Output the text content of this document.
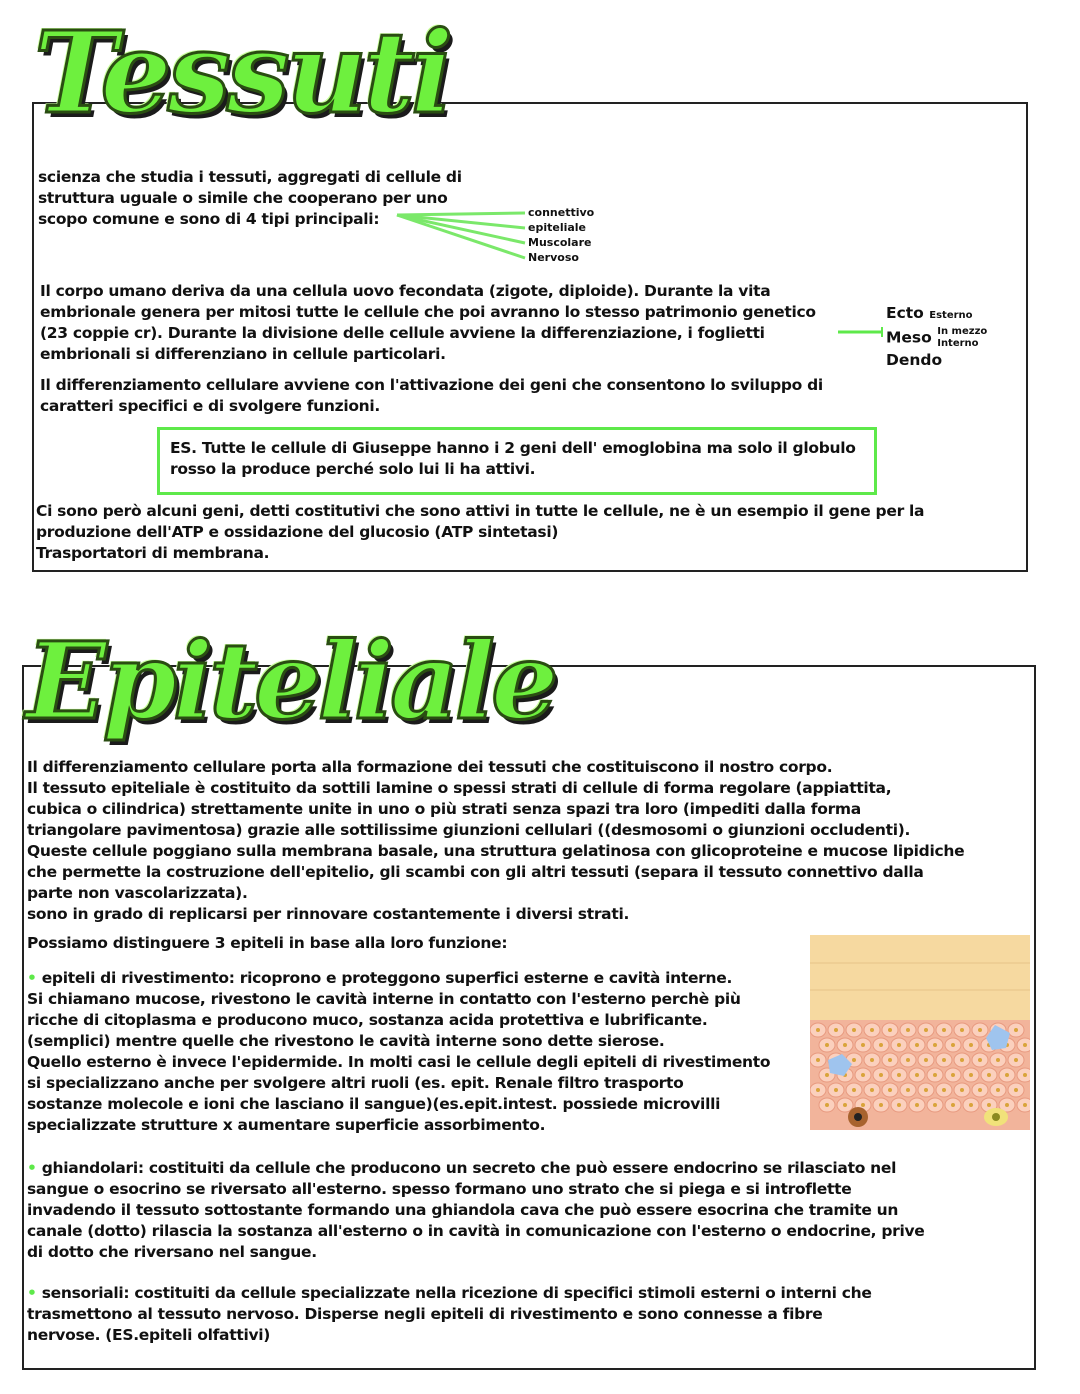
Tessuti
scienza che studia i tessuti, aggregati di cellule di
struttura uguale o simile che cooperano per uno
scopo comune e sono di 4 tipi principali:	connettivo
epiteliale
Muscolare
Nervoso
Il corpo umano deriva da una cellula uovo fecondata (zigote, diploide). Durante la vita
embrionale genera per mitosi tutte le cellule che poi avranno lo stesso patrimonio genetico
(23 coppie cr). Durante la divisione delle cellule avviene la differenziazione, i foglietti
embrionali si differenziano in cellule particolari.
Ecto Esterno
Meso In mezzo
Interno
Dendo
Il differenziamento cellulare avviene con l'attivazione dei geni che consentono lo sviluppo di
caratteri specifici e di svolgere funzioni.
ES. Tutte le cellule di Giuseppe hanno i 2 geni dell' emoglobina ma solo il globulo
rosso la produce perché solo lui li ha attivi.
Ci sono però alcuni geni, detti costitutivi che sono attivi in tutte le cellule, ne è un esempio il gene per la
produzione dell'ATP e ossidazione del glucosio (ATP sintetasi)
Trasportatori di membrana.
Epiteliale
Il differenziamento cellulare porta alla formazione dei tessuti che costituiscono il nostro corpo.
Il tessuto epiteliale è costituito da sottili lamine o spessi strati di cellule di forma regolare (appiattita,
cubica o cilindrica) strettamente unite in uno o più strati senza spazi tra loro (impediti dalla forma
triangolare pavimentosa) grazie alle sottilissime giunzioni cellulari ((desmosomi o giunzioni occludenti).
Queste cellule poggiano sulla membrana basale, una struttura gelatinosa con glicoproteine e mucose lipidiche
che permette la costruzione dell'epitelio, gli scambi con gli altri tessuti (separa il tessuto connettivo dalla
parte non vascolarizzata).
sono in grado di replicarsi per rinnovare costantemente i diversi strati.
Possiamo distinguere 3 epiteli in base alla loro funzione:
• epiteli di rivestimento: ricoprono e proteggono superfici esterne e cavità interne.
Si chiamano mucose, rivestono le cavità interne in contatto con l'esterno perchè più
ricche di citoplasma e producono muco, sostanza acida protettiva e lubrificante.
(semplici) mentre quelle che rivestono le cavità interne sono dette sierose.
Quello esterno è invece l'epidermide. In molti casi le cellule degli epiteli di rivestimento
si specializzano anche per svolgere altri ruoli (es. epit. Renale filtro trasporto
sostanze molecole e ioni che lasciano il sangue)(es.epit.intest. possiede microvilli
specializzate strutture x aumentare superficie assorbimento.
• ghiandolari: costituiti da cellule che producono un secreto che può essere endocrino se rilasciato nel
sangue o esocrino se riversato all'esterno. spesso formano uno strato che si piega e si introflette
invadendo il tessuto sottostante formando una ghiandola cava che può essere esocrina che tramite un
canale (dotto) rilascia la sostanza all'esterno o in cavità in comunicazione con l'esterno o endocrine, prive
di dotto che riversano nel sangue.
• sensoriali: costituiti da cellule specializzate nella ricezione di specifici stimoli esterni o interni che
trasmettono al tessuto nervoso. Disperse negli epiteli di rivestimento e sono connesse a fibre
nervose. (ES.epiteli olfattivi)
